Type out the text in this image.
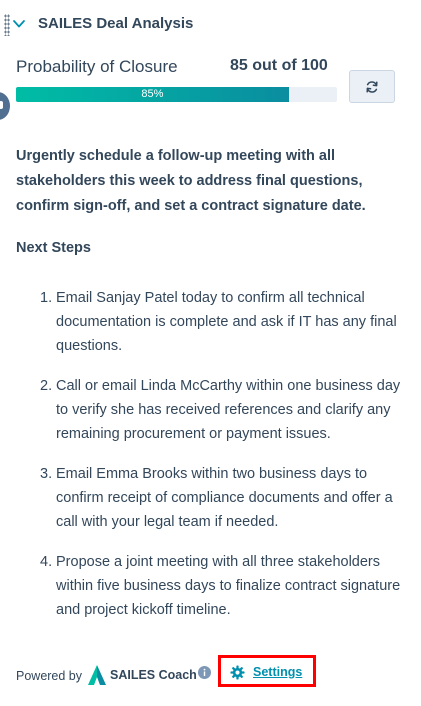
SAILES Deal Analysis
Probability of Closure	85 out of 100
85%
Urgently schedule a follow-up meeting with all stakeholders this week to address final questions, confirm sign-off, and set a contract signature date.
Next Steps
1. Email Sanjay Patel today to confirm all technical documentation is complete and ask if IT has any final questions.
2. Call or email Linda McCarthy within one business day to verify she has received references and clarify any remaining procurement or payment issues.
3. Email Emma Brooks within two business days to confirm receipt of compliance documents and offer a call with your legal team if needed.
4. Propose a joint meeting with all three stakeholders within five business days to finalize contract signature and project kickoff timeline.
Powered by SAILES Coach	Settings
